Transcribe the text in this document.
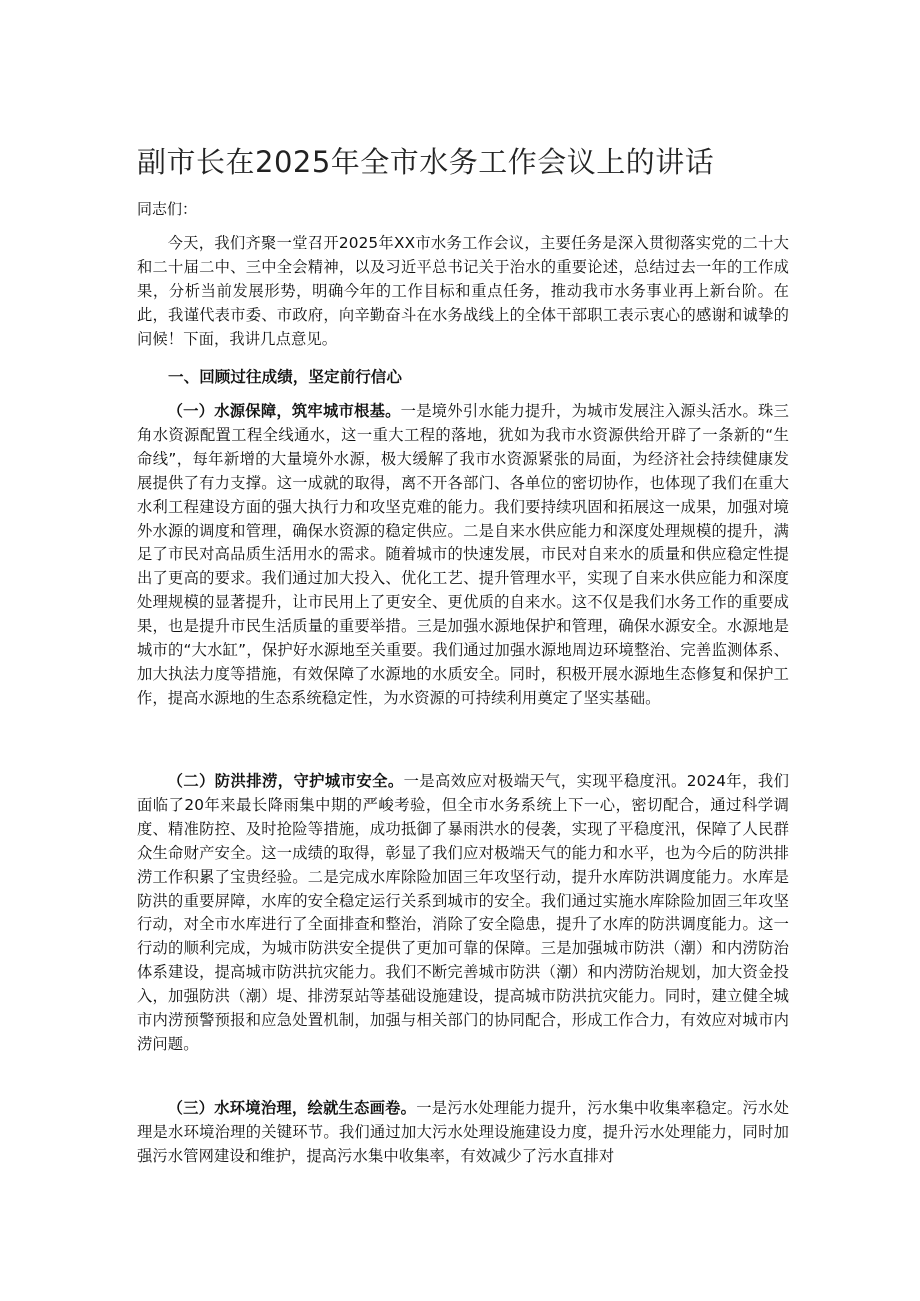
副市长在2025年全市水务工作会议上的讲话
同志们：

今天，我们齐聚一堂召开2025年XX市水务工作会议，主要任务是深入贯彻落实党的二十大和二十届二中、三中全会精神，以及习近平总书记关于治水的重要论述，总结过去一年的工作成果，分析当前发展形势，明确今年的工作目标和重点任务，推动我市水务事业再上新台阶。在此，我谨代表市委、市政府，向辛勤奋斗在水务战线上的全体干部职工表示衷心的感谢和诚挚的问候！下面，我讲几点意见。

一、回顾过往成绩，坚定前行信心

（一）水源保障，筑牢城市根基。一是境外引水能力提升，为城市发展注入源头活水。珠三角水资源配置工程全线通水，这一重大工程的落地，犹如为我市水资源供给开辟了一条新的“生命线”，每年新增的大量境外水源，极大缓解了我市水资源紧张的局面，为经济社会持续健康发展提供了有力支撑。这一成就的取得，离不开各部门、各单位的密切协作，也体现了我们在重大水利工程建设方面的强大执行力和攻坚克难的能力。我们要持续巩固和拓展这一成果，加强对境外水源的调度和管理，确保水资源的稳定供应。二是自来水供应能力和深度处理规模的提升，满足了市民对高品质生活用水的需求。随着城市的快速发展，市民对自来水的质量和供应稳定性提出了更高的要求。我们通过加大投入、优化工艺、提升管理水平，实现了自来水供应能力和深度处理规模的显著提升，让市民用上了更安全、更优质的自来水。这不仅是我们水务工作的重要成果，也是提升市民生活质量的重要举措。三是加强水源地保护和管理，确保水源安全。水源地是城市的“大水缸”，保护好水源地至关重要。我们通过加强水源地周边环境整治、完善监测体系、加大执法力度等措施，有效保障了水源地的水质安全。同时，积极开展水源地生态修复和保护工作，提高水源地的生态系统稳定性，为水资源的可持续利用奠定了坚实基础。

（二）防洪排涝，守护城市安全。一是高效应对极端天气，实现平稳度汛。2024年，我们面临了20年来最长降雨集中期的严峻考验，但全市水务系统上下一心，密切配合，通过科学调度、精准防控、及时抢险等措施，成功抵御了暴雨洪水的侵袭，实现了平稳度汛，保障了人民群众生命财产安全。这一成绩的取得，彰显了我们应对极端天气的能力和水平，也为今后的防洪排涝工作积累了宝贵经验。二是完成水库除险加固三年攻坚行动，提升水库防洪调度能力。水库是防洪的重要屏障，水库的安全稳定运行关系到城市的安全。我们通过实施水库除险加固三年攻坚行动，对全市水库进行了全面排查和整治，消除了安全隐患，提升了水库的防洪调度能力。这一行动的顺利完成，为城市防洪安全提供了更加可靠的保障。三是加强城市防洪（潮）和内涝防治体系建设，提高城市防洪抗灾能力。我们不断完善城市防洪（潮）和内涝防治规划，加大资金投入，加强防洪（潮）堤、排涝泵站等基础设施建设，提高城市防洪抗灾能力。同时，建立健全城市内涝预警预报和应急处置机制，加强与相关部门的协同配合，形成工作合力，有效应对城市内涝问题。

（三）水环境治理，绘就生态画卷。一是污水处理能力提升，污水集中收集率稳定。污水处理是水环境治理的关键环节。我们通过加大污水处理设施建设力度，提升污水处理能力，同时加强污水管网建设和维护，提高污水集中收集率，有效减少了污水直排对
